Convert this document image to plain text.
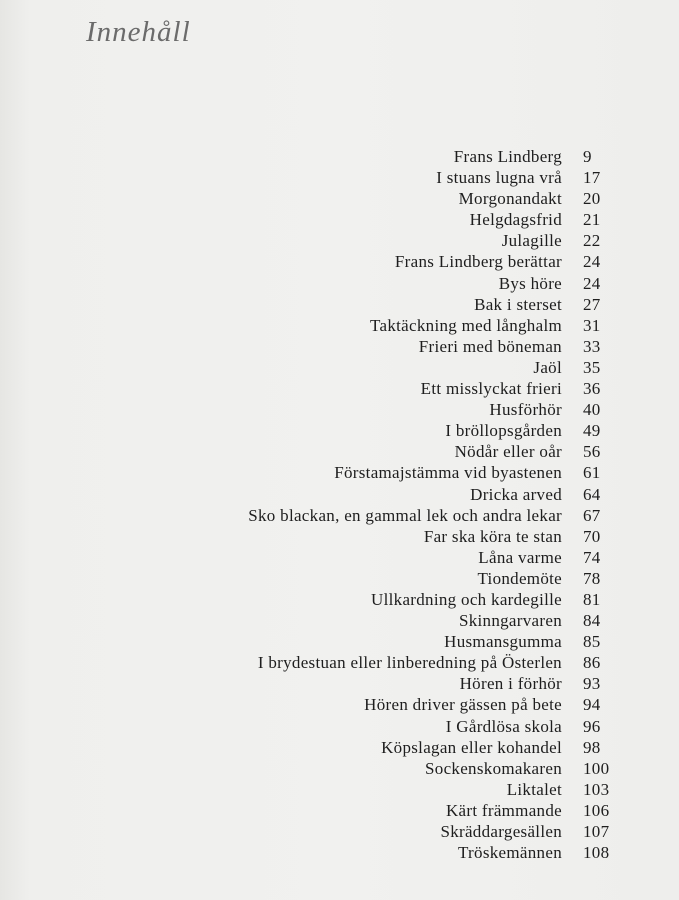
Innehåll
Frans Lindberg 9
I stuans lugna vrå 17
Morgonandakt 20
Helgdagsfrid 21
Julagille 22
Frans Lindberg berättar 24
Bys höre 24
Bak i sterset 27
Taktäckning med långhalm 31
Frieri med böneman 33
Jaöl 35
Ett misslyckat frieri 36
Husförhör 40
I bröllopsgården 49
Nödår eller oår 56
Förstamajstämma vid byastenen 61
Dricka arved 64
Sko blackan, en gammal lek och andra lekar 67
Far ska köra te stan 70
Låna varme 74
Tiondemöte 78
Ullkardning och kardegille 81
Skinngarvaren 84
Husmansgumma 85
I brydestuan eller linberedning på Österlen 86
Hören i förhör 93
Hören driver gässen på bete 94
I Gårdlösa skola 96
Köpslagan eller kohandel 98
Sockenskomakaren 100
Liktalet 103
Kärt främmande 106
Skräddargesällen 107
Tröskemännen 108
